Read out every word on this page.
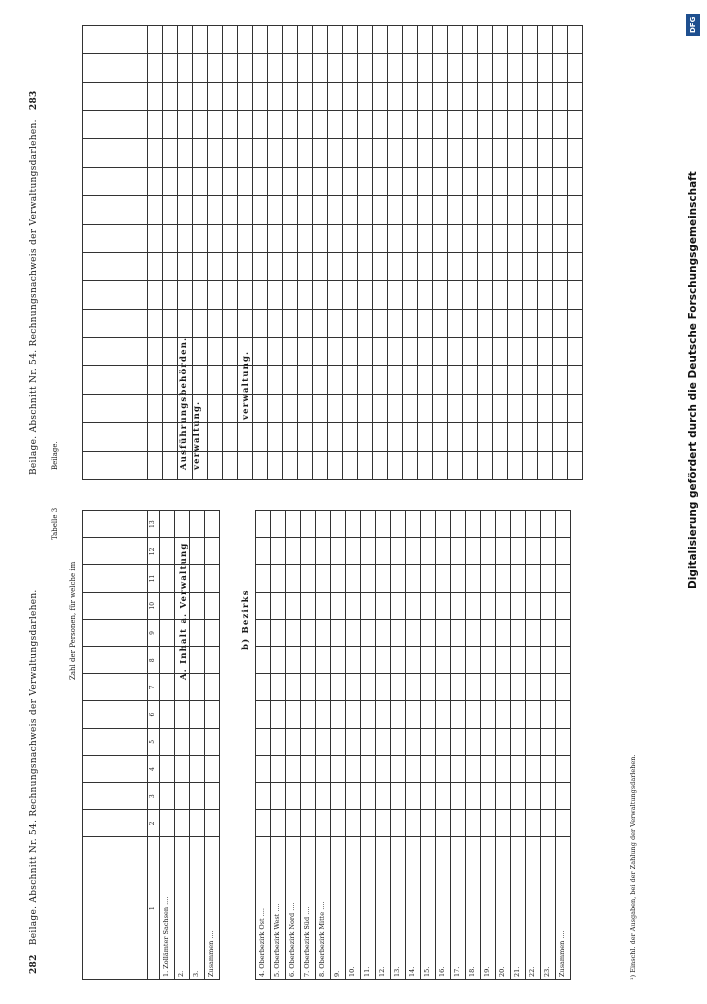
282 Beilage. Abschnitt Nr. 54. Rechnungsnachweis der Verwaltungsdarlehen.
Beilage. Abschnitt Nr. 54. Rechnungsnachweis der Verwaltungsdarlehen. 283
Tabelle 3
Beilage.
Zahl der Personen, für welche im

1	2	3	4	5	6	7	8	9	10	11	12	13
1. Zollämter Sachsen ....												
2.												
3.												
Zusammen ....												
A. Inhalt a. Verwaltung	b) Bezirks
4. Oberbezirk Ost ....												
5. Oberbezirk West ....												
6. Oberbezirk Nord ....												
7. Oberbezirk Süd ....												
8. Oberbezirk Mitte ....												
9.												
10.												
11.												
12.												
13.												
14.												
15.												
16.												
17.												
18.												
19.												
20.												
21.												
22.												
23.												
Zusammen ....												

Ausführungsbehörden. verwaltung.
verwaltung.
¹) Einschl. der Ausgaben, bei der Zahlung der Verwaltungsdarlehen.
DFG
Digitalisierung gefördert durch die Deutsche Forschungsgemeinschaft
